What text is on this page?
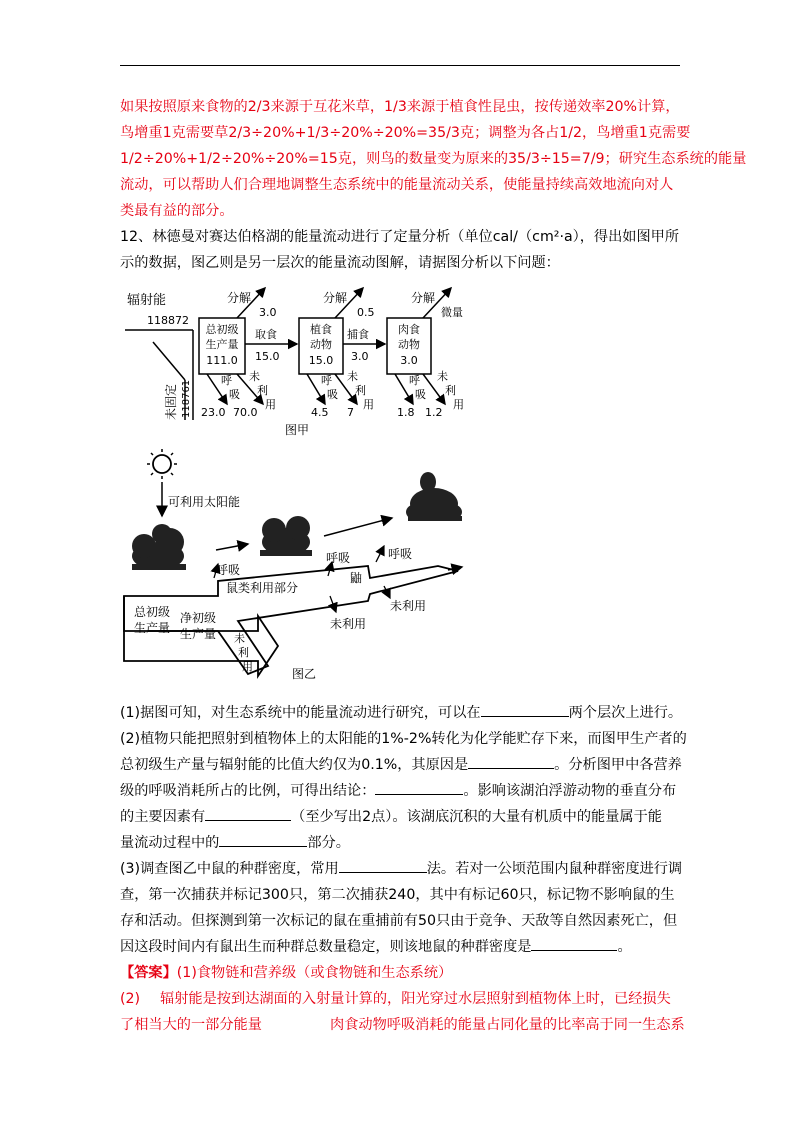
如果按照原来食物的2/3来源于互花米草，1/3来源于植食性昆虫，按传递效率20%计算，
鸟增重1克需要草2/3÷20%+1/3÷20%÷20%=35/3克；调整为各占1/2，鸟增重1克需要
1/2÷20%+1/2÷20%÷20%=15克，则鸟的数量变为原来的35/3÷15=7/9；研究生态系统的能量
流动，可以帮助人们合理地调整生态系统中的能量流动关系，使能量持续高效地流向对人
类最有益的部分。
12、林德曼对赛达伯格湖的能量流动进行了定量分析（单位cal/（cm²·a），得出如图甲所
示的数据，图乙则是另一层次的能量流动图解，请据图分析以下问题：
辐射能
118872
未固定 118761
总初级
生产量
111.0
植食
动物
15.0
肉食
动物
3.0
取食
15.0
捕食
3.0
分解
3.0
分解
0.5
分解
微量
呼
吸
未
利
用
23.0 70.0
呼
吸
未
利
用
4.5 7
呼
吸
未
利
用
1.8 1.2
图甲
可利用太阳能
呼吸
呼吸	呼吸
鼠类利用部分
鼬
未利用
未利用
总初级
生产量
净初级
生产量 未
利
用
图乙
(1)据图可知，对生态系统中的能量流动进行研究，可以在	两个层次上进行。
(2)植物只能把照射到植物体上的太阳能的1%-2%转化为化学能贮存下来，而图甲生产者的
总初级生产量与辐射能的比值大约仅为0.1%，其原因是	。分析图甲中各营养
级的呼吸消耗所占的比例，可得出结论：	。影响该湖泊浮游动物的垂直分布
的主要因素有	（至少写出2点）。该湖底沉积的大量有机质中的能量属于能
量流动过程中的	部分。
(3)调查图乙中鼠的种群密度，常用	法。若对一公顷范围内鼠种群密度进行调
查，第一次捕获并标记300只，第二次捕获240，其中有标记60只，标记物不影响鼠的生
存和活动。但探测到第一次标记的鼠在重捕前有50只由于竞争、天敌等自然因素死亡，但
因这段时间内有鼠出生而种群总数量稳定，则该地鼠的种群密度是	。
【答案】(1)食物链和营养级（或食物链和生态系统）
(2) 辐射能是按到达湖面的入射量计算的，阳光穿过水层照射到植物体上时，已经损失
了相当大的一部分能量	肉食动物呼吸消耗的能量占同化量的比率高于同一生态系
